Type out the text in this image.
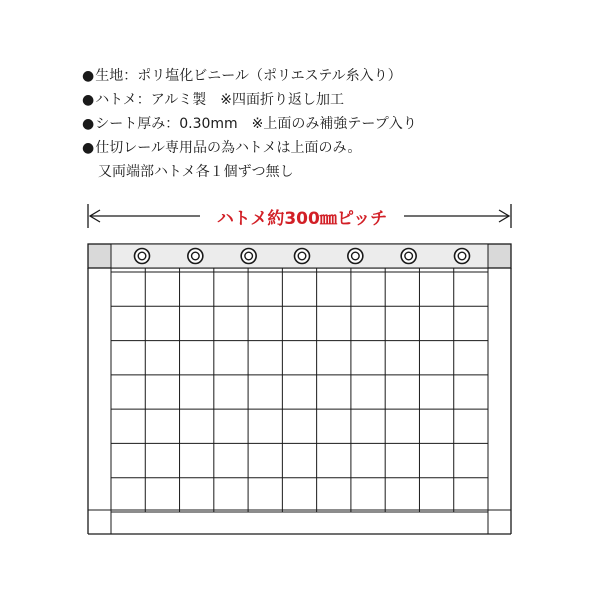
●生地：ポリ塩化ビニール（ポリエステル糸入り）
●ハトメ：アルミ製　※四面折り返し加工
●シート厚み：0.30mm　※上面のみ補強テープ入り
●仕切レール専用品の為ハトメは上面のみ。
又両端部ハトメ各１個ずつ無し
ハトメ約300㎜ピッチ
